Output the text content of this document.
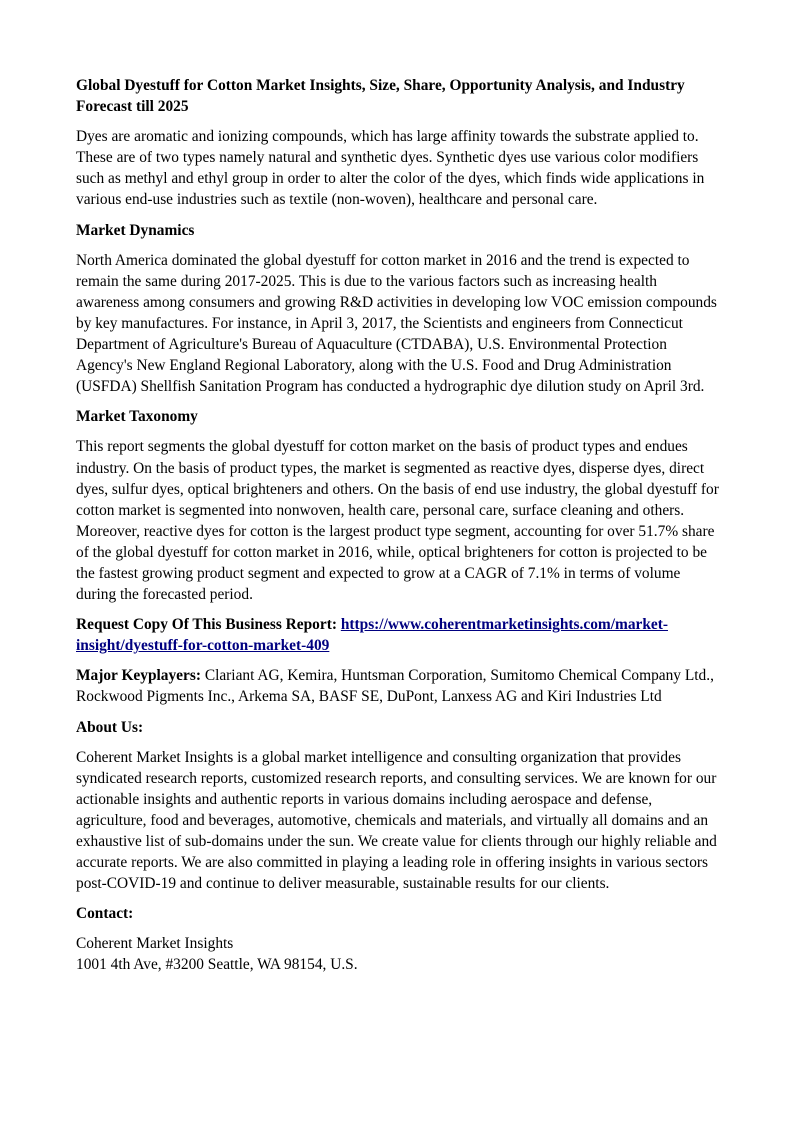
Global Dyestuff for Cotton Market Insights, Size, Share, Opportunity Analysis, and Industry Forecast till 2025

Dyes are aromatic and ionizing compounds, which has large affinity towards the substrate applied to. These are of two types namely natural and synthetic dyes. Synthetic dyes use various color modifiers such as methyl and ethyl group in order to alter the color of the dyes, which finds wide applications in various end-use industries such as textile (non-woven), healthcare and personal care.

Market Dynamics

North America dominated the global dyestuff for cotton market in 2016 and the trend is expected to remain the same during 2017-2025. This is due to the various factors such as increasing health awareness among consumers and growing R&D activities in developing low VOC emission compounds by key manufactures. For instance, in April 3, 2017, the Scientists and engineers from Connecticut Department of Agriculture's Bureau of Aquaculture (CTDABA), U.S. Environmental Protection Agency's New England Regional Laboratory, along with the U.S. Food and Drug Administration (USFDA) Shellfish Sanitation Program has conducted a hydrographic dye dilution study on April 3rd.

Market Taxonomy

This report segments the global dyestuff for cotton market on the basis of product types and endues industry. On the basis of product types, the market is segmented as reactive dyes, disperse dyes, direct dyes, sulfur dyes, optical brighteners and others. On the basis of end use industry, the global dyestuff for cotton market is segmented into nonwoven, health care, personal care, surface cleaning and others. Moreover, reactive dyes for cotton is the largest product type segment, accounting for over 51.7% share of the global dyestuff for cotton market in 2016, while, optical brighteners for cotton is projected to be the fastest growing product segment and expected to grow at a CAGR of 7.1% in terms of volume during the forecasted period.

Request Copy Of This Business Report: https://www.coherentmarketinsights.com/market-insight/dyestuff-for-cotton-market-409

Major Keyplayers: Clariant AG, Kemira, Huntsman Corporation, Sumitomo Chemical Company Ltd., Rockwood Pigments Inc., Arkema SA, BASF SE, DuPont, Lanxess AG and Kiri Industries Ltd

About Us:

Coherent Market Insights is a global market intelligence and consulting organization that provides syndicated research reports, customized research reports, and consulting services. We are known for our actionable insights and authentic reports in various domains including aerospace and defense, agriculture, food and beverages, automotive, chemicals and materials, and virtually all domains and an exhaustive list of sub-domains under the sun. We create value for clients through our highly reliable and accurate reports. We are also committed in playing a leading role in offering insights in various sectors post-COVID-19 and continue to deliver measurable, sustainable results for our clients.

Contact:

Coherent Market Insights
1001 4th Ave, #3200 Seattle, WA 98154, U.S.
